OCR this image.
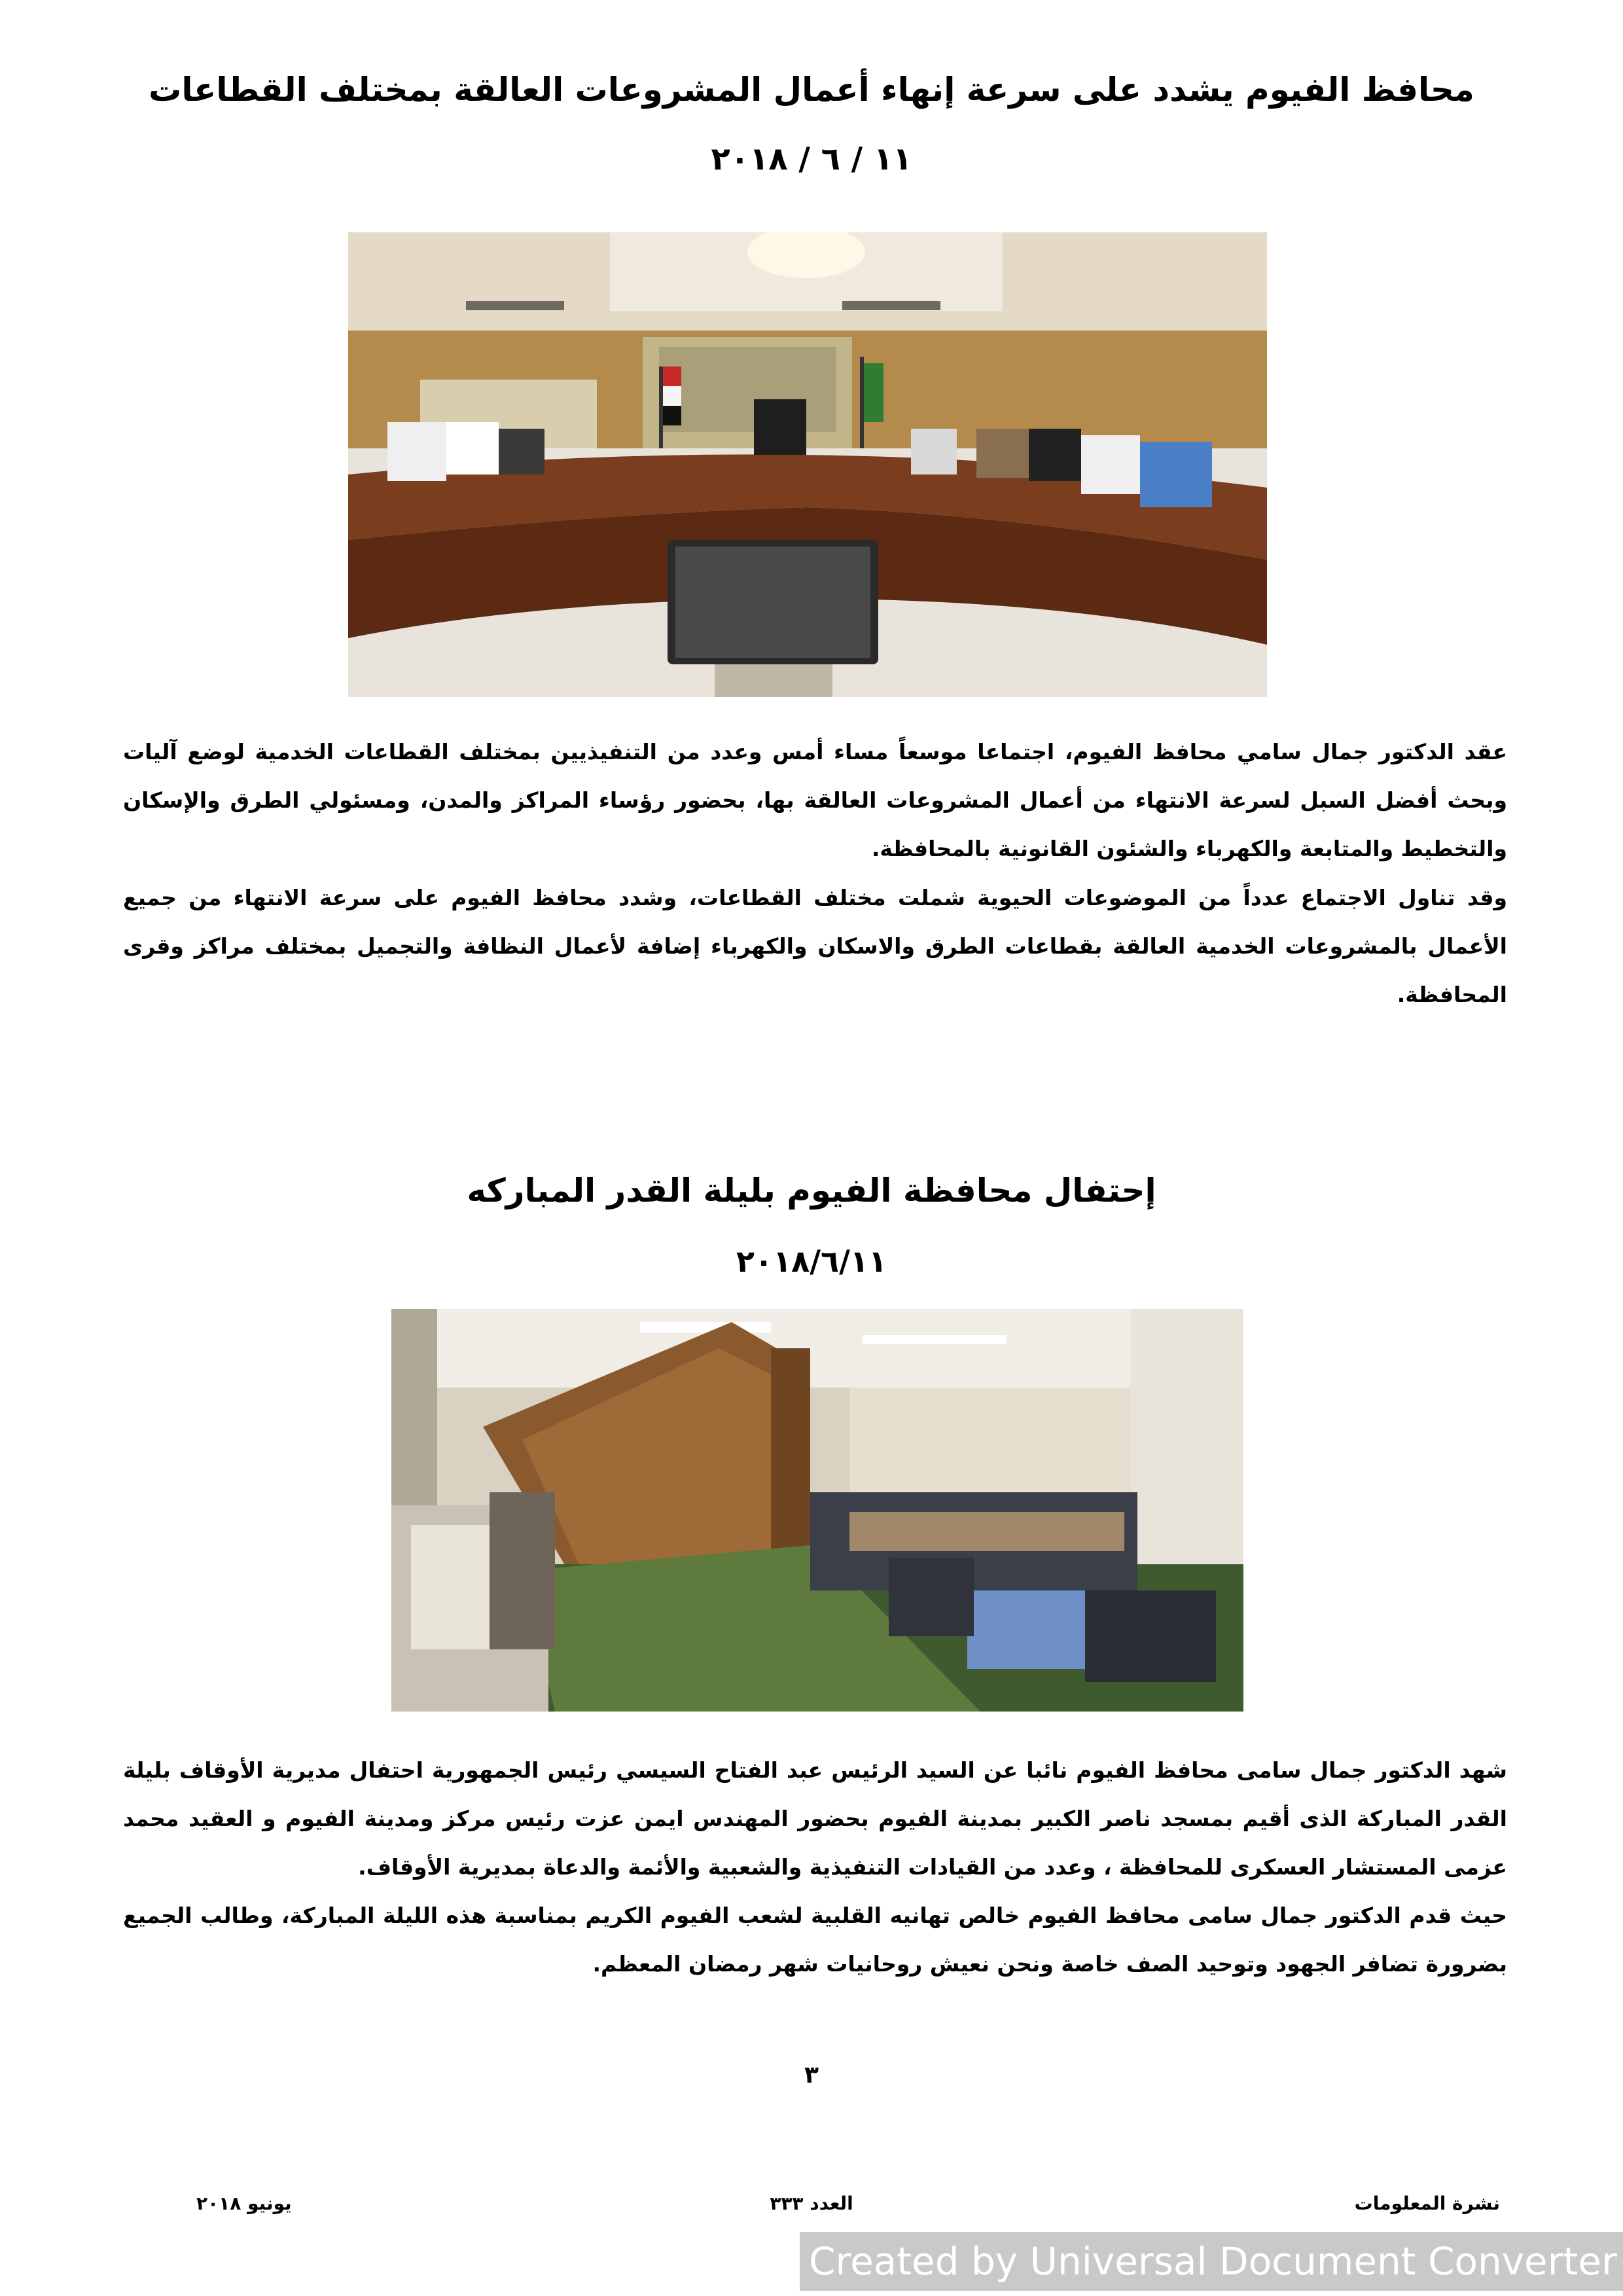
محافظ الفيوم يشدد على سرعة إنهاء أعمال المشروعات العالقة بمختلف القطاعات
١١ / ٦ / ٢٠١٨

عقد الدكتور جمال سامي محافظ الفيوم، اجتماعا موسعاً مساء أمس وعدد من التنفيذيين بمختلف القطاعات الخدمية لوضع آليات وبحث أفضل السبل لسرعة الانتهاء من أعمال المشروعات العالقة بها، بحضور رؤساء المراكز والمدن، ومسئولي الطرق والإسكان والتخطيط والمتابعة والكهرباء والشئون القانونية بالمحافظة.

وقد تناول الاجتماع عدداً من الموضوعات الحيوية شملت مختلف القطاعات، وشدد محافظ الفيوم على سرعة الانتهاء من جميع الأعمال بالمشروعات الخدمية العالقة بقطاعات الطرق والاسكان والكهرباء إضافة لأعمال النظافة والتجميل بمختلف مراكز وقرى المحافظة.

إحتفال محافظة الفيوم بليلة القدر المباركه
٢٠١٨/٦/١١

شهد الدكتور جمال سامى محافظ الفيوم نائبا عن السيد الرئيس عبد الفتاح السيسي رئيس الجمهورية احتفال مديرية الأوقاف بليلة القدر المباركة الذى أقيم بمسجد ناصر الكبير بمدينة الفيوم بحضور المهندس ايمن عزت رئيس مركز ومدينة الفيوم و العقيد محمد عزمى المستشار العسكرى للمحافظة ، وعدد من القيادات التنفيذية والشعبية والأئمة والدعاة بمديرية الأوقاف.

حيث قدم الدكتور جمال سامى محافظ الفيوم خالص تهانيه القلبية لشعب الفيوم الكريم بمناسبة هذه الليلة المباركة، وطالب الجميع بضرورة تضافر الجهود وتوحيد الصف خاصة ونحن نعيش روحانيات شهر رمضان المعظم.

٣
نشرة المعلومات
العدد ٣٣٣
يونيو ٢٠١٨
Created by Universal Document Converter
